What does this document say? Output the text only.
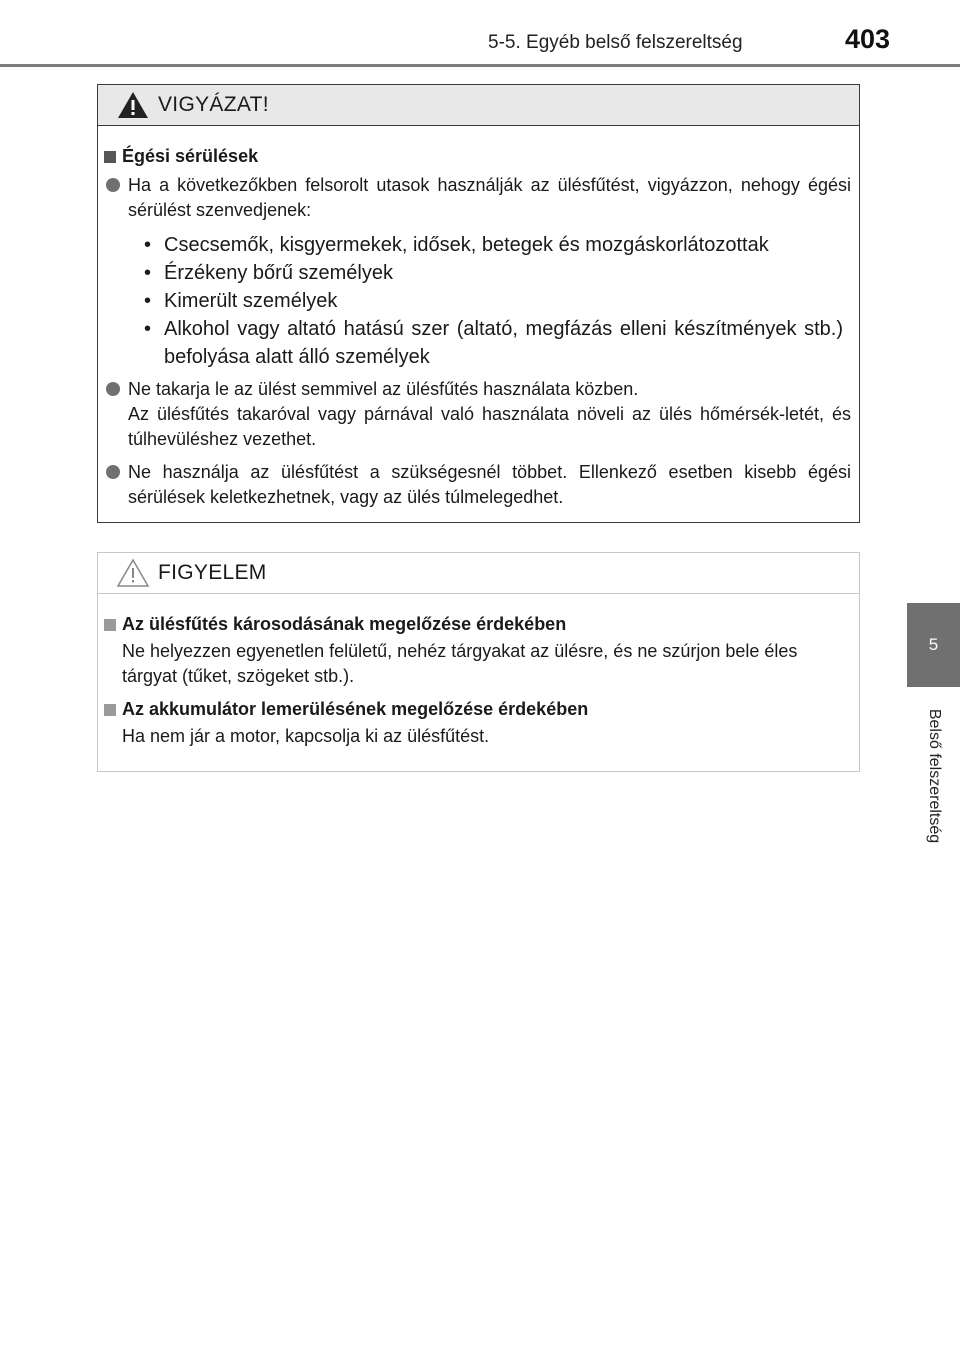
5-5. Egyéb belső felszereltség	403
5
Belső felszereltség
VIGYÁZAT!
Égési sérülések
Ha a következőkben felsorolt utasok használják az ülésfűtést, vigyázzon, nehogy égési sérülést szenvedjenek:
• Csecsemők, kisgyermekek, idősek, betegek és mozgáskorlátozottak
• Érzékeny bőrű személyek
• Kimerült személyek
• Alkohol vagy altató hatású szer (altató, megfázás elleni készítmények stb.) befolyása alatt álló személyek
Ne takarja le az ülést semmivel az ülésfűtés használata közben.
Az ülésfűtés takaróval vagy párnával való használata növeli az ülés hőmérsék-letét, és túlhevüléshez vezethet.
Ne használja az ülésfűtést a szükségesnél többet. Ellenkező esetben kisebb égési sérülések keletkezhetnek, vagy az ülés túlmelegedhet.
FIGYELEM
Az ülésfűtés károsodásának megelőzése érdekében
Ne helyezzen egyenetlen felületű, nehéz tárgyakat az ülésre, és ne szúrjon bele éles tárgyat (tűket, szögeket stb.).
Az akkumulátor lemerülésének megelőzése érdekében
Ha nem jár a motor, kapcsolja ki az ülésfűtést.
